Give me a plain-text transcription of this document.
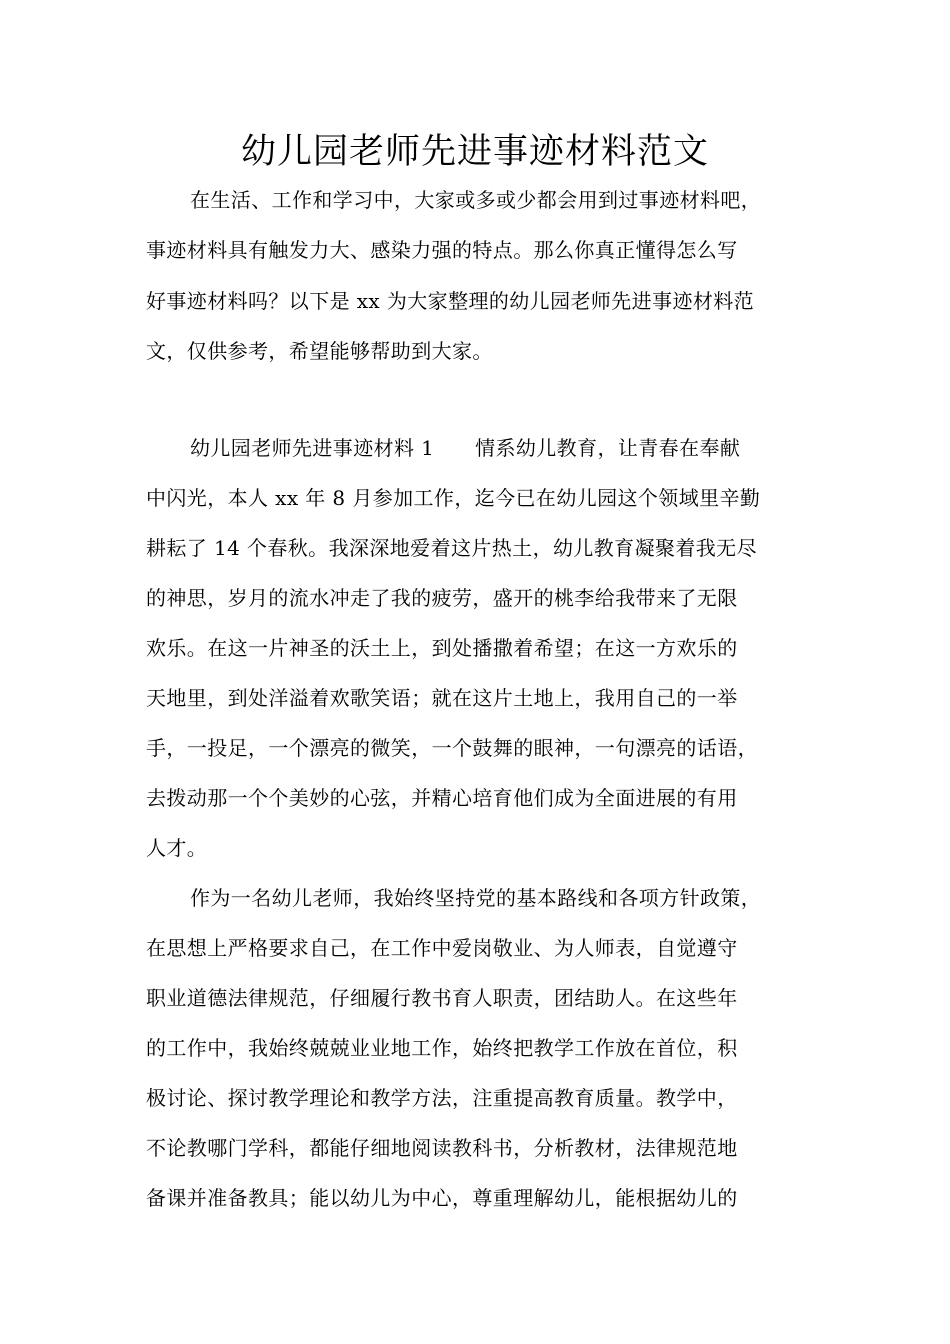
幼儿园老师先进事迹材料范文
在生活、工作和学习中，大家或多或少都会用到过事迹材料吧，
事迹材料具有触发力大、感染力强的特点。那么你真正懂得怎么写
好事迹材料吗？以下是 xx 为大家整理的幼儿园老师先进事迹材料范
文，仅供参考，希望能够帮助到大家。
幼儿园老师先进事迹材料 1　　情系幼儿教育，让青春在奉献
中闪光，本人 xx 年 8 月参加工作，迄今已在幼儿园这个领域里辛勤
耕耘了 14 个春秋。我深深地爱着这片热土，幼儿教育凝聚着我无尽
的神思，岁月的流水冲走了我的疲劳，盛开的桃李给我带来了无限
欢乐。在这一片神圣的沃土上，到处播撒着希望；在这一方欢乐的
天地里，到处洋溢着欢歌笑语；就在这片土地上，我用自己的一举
手，一投足，一个漂亮的微笑，一个鼓舞的眼神，一句漂亮的话语，
去拨动那一个个美妙的心弦，并精心培育他们成为全面进展的有用
人才。
作为一名幼儿老师，我始终坚持党的基本路线和各项方针政策，
在思想上严格要求自己，在工作中爱岗敬业、为人师表，自觉遵守
职业道德法律规范，仔细履行教书育人职责，团结助人。在这些年
的工作中，我始终兢兢业业地工作，始终把教学工作放在首位，积
极讨论、探讨教学理论和教学方法，注重提高教育质量。教学中，
不论教哪门学科，都能仔细地阅读教科书，分析教材，法律规范地
备课并准备教具；能以幼儿为中心，尊重理解幼儿，能根据幼儿的
